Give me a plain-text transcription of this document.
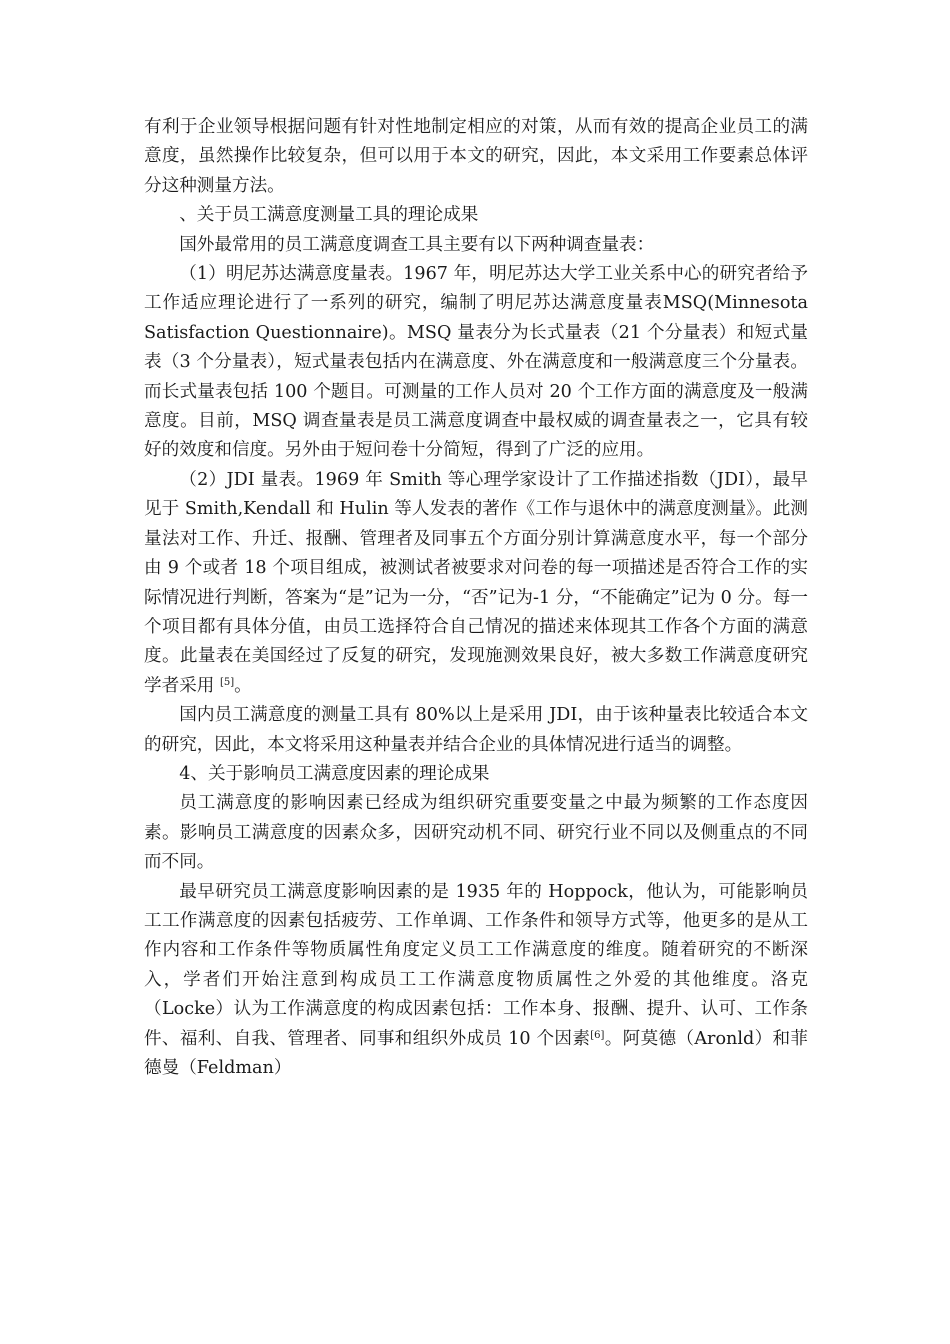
有利于企业领导根据问题有针对性地制定相应的对策，从而有效的提高企业员工的满意度，虽然操作比较复杂，但可以用于本文的研究，因此，本文采用工作要素总体评分这种测量方法。

、关于员工满意度测量工具的理论成果

国外最常用的员工满意度调查工具主要有以下两种调查量表：

（1）明尼苏达满意度量表。1967 年，明尼苏达大学工业关系中心的研究者给予工作适应理论进行了一系列的研究，编制了明尼苏达满意度量表MSQ(Minnesota Satisfaction Questionnaire)。MSQ 量表分为长式量表（21 个分量表）和短式量表（3 个分量表），短式量表包括内在满意度、外在满意度和一般满意度三个分量表。而长式量表包括 100 个题目。可测量的工作人员对 20 个工作方面的满意度及一般满意度。目前，MSQ 调查量表是员工满意度调查中最权威的调查量表之一，它具有较好的效度和信度。另外由于短问卷十分简短，得到了广泛的应用。

（2）JDI 量表。1969 年 Smith 等心理学家设计了工作描述指数（JDI），最早见于 Smith,Kendall 和 Hulin 等人发表的著作《工作与退休中的满意度测量》。此测量法对工作、升迁、报酬、管理者及同事五个方面分别计算满意度水平，每一个部分由 9 个或者 18 个项目组成，被测试者被要求对问卷的每一项描述是否符合工作的实际情况进行判断，答案为“是”记为一分，“否”记为-1 分，“不能确定”记为 0 分。每一个项目都有具体分值，由员工选择符合自己情况的描述来体现其工作各个方面的满意度。此量表在美国经过了反复的研究，发现施测效果良好，被大多数工作满意度研究学者采用 [5]。

国内员工满意度的测量工具有 80%以上是采用 JDI，由于该种量表比较适合本文的研究，因此，本文将采用这种量表并结合企业的具体情况进行适当的调整。

4、关于影响员工满意度因素的理论成果

员工满意度的影响因素已经成为组织研究重要变量之中最为频繁的工作态度因素。影响员工满意度的因素众多，因研究动机不同、研究行业不同以及侧重点的不同而不同。

最早研究员工满意度影响因素的是 1935 年的 Hoppock，他认为，可能影响员工工作满意度的因素包括疲劳、工作单调、工作条件和领导方式等，他更多的是从工作内容和工作条件等物质属性角度定义员工工作满意度的维度。随着研究的不断深入，学者们开始注意到构成员工工作满意度物质属性之外爱的其他维度。洛克（Locke）认为工作满意度的构成因素包括：工作本身、报酬、提升、认可、工作条件、福利、自我、管理者、同事和组织外成员 10 个因素[6]。阿莫德（Aronld）和菲德曼（Feldman）
